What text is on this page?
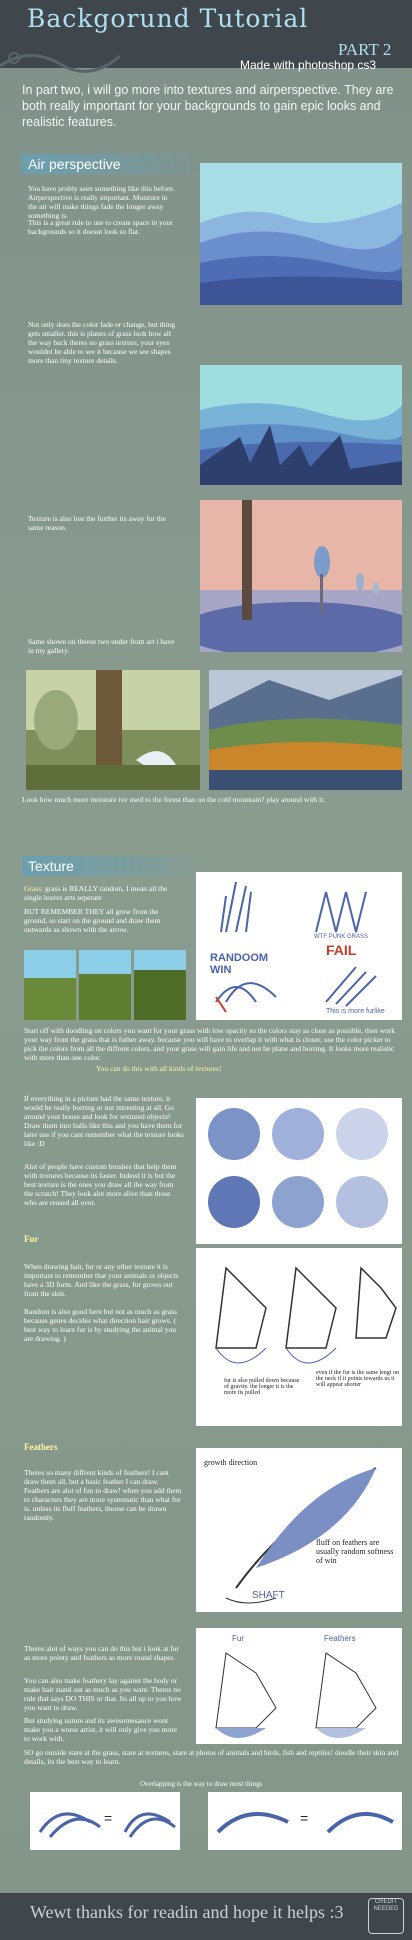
Backgorund Tutorial
PART 2
Made with photoshop cs3
In part two, i will go more into textures and airperspective. They are both really important for your backgrounds to gain epic looks and realistic features.
Air perspective
You have probly seen something like this before. Airperspective is really important. Moisture in the air will make things fade the longer away something is.
This is a great rule to use to create space in your backgrounds so it doesnt look so flat.
Not only does the color fade or change, but thing gets smaller. this is planes of grass look how all the way back theres no grass texture, your eyes wouldnt be able to see it because we see shapes more than tiny texture details.
Texture is also lost the further its away for the same reason.
Same shown on theese two under from art i have in my gallery.
Look how much more moisture ive used to the forest than on the cold mountain? play around with it.
Texture
Grass: grass is REALLY random, I mean all the single leaves arts seperate
BUT REMEMBER THEY all grow from the ground, so start on the ground and draw them outwards as shown with the arrow.
RANDOOM WIN
WTF PUNK GRASS
FAIL
This is more furlike
Start off with doodling on colors you want for your grass with low opacity so the colors stay as close as possible, then work your way from the grass that is futher away. because you will have to overlap it with what is closer, use the color picker to pick the colors from all the diffrent colors, and your grass will gain life and not be plane and borring. It looks more realistic with more than one color.
You can do this with all kinds of textures!
If everything in a picture had the same texture, it would be really borring or not intresting at all. Go around your house and look for textured objects! Draw them into balls like this and you have them for later use if you cant remember what the texture looks like :D
Alot of people have custom brushes that help them with textures because its faster. Indeed it is but the best texture is the ones you draw all the way from the scratch! They look alot more alive than those who are reused all over.
Fur
When drawing hair, fur or any other texture it is important to remember that your animals or objects have a 3D form. And like the grass, fur grows out from the skin.
Random is also good here but not as much as grass because genes decides what direction hair grows. ( best way to learn fur is by studying the animal you are drawing. )
fur is also pulled down because of gravity. the longer it is the more its pulled
even if the fur is the same lengt on the neck if it points towards us it will appear shorter
Feathers
Theres so many diffrent kinds of feathers! I cant draw them all, but a basic feather I can draw. Feathers are alot of fun to draw! when you add them to characters they are more systematic than what fur is. unless its fluff feathers, thoose can be drawn randomly.
growth direction
fluff on feathers are usually random softness of win
SHAFT
Theres alot of ways you can do this but i look at fur as more pointy and feathers as more round shapes.
You can also make feathery lay against the body or make hair stand out as much as you want. Theres no rule that says DO THIS or that. Its all up to you how you want to draw.
But studying nature and its awesomesauce wont make you a worse artist, it will only give you more to work with.
SO go outside stare at the grass, stare at textures, stare at photos of animals and birds, fish and reptiles! doodle their skin and details, its the best way to learn.
Fur	Feathers
Overlapping is the way to draw most things
=	=
Wewt thanks for readin and hope it helps :3	CREDIT NEEDED
